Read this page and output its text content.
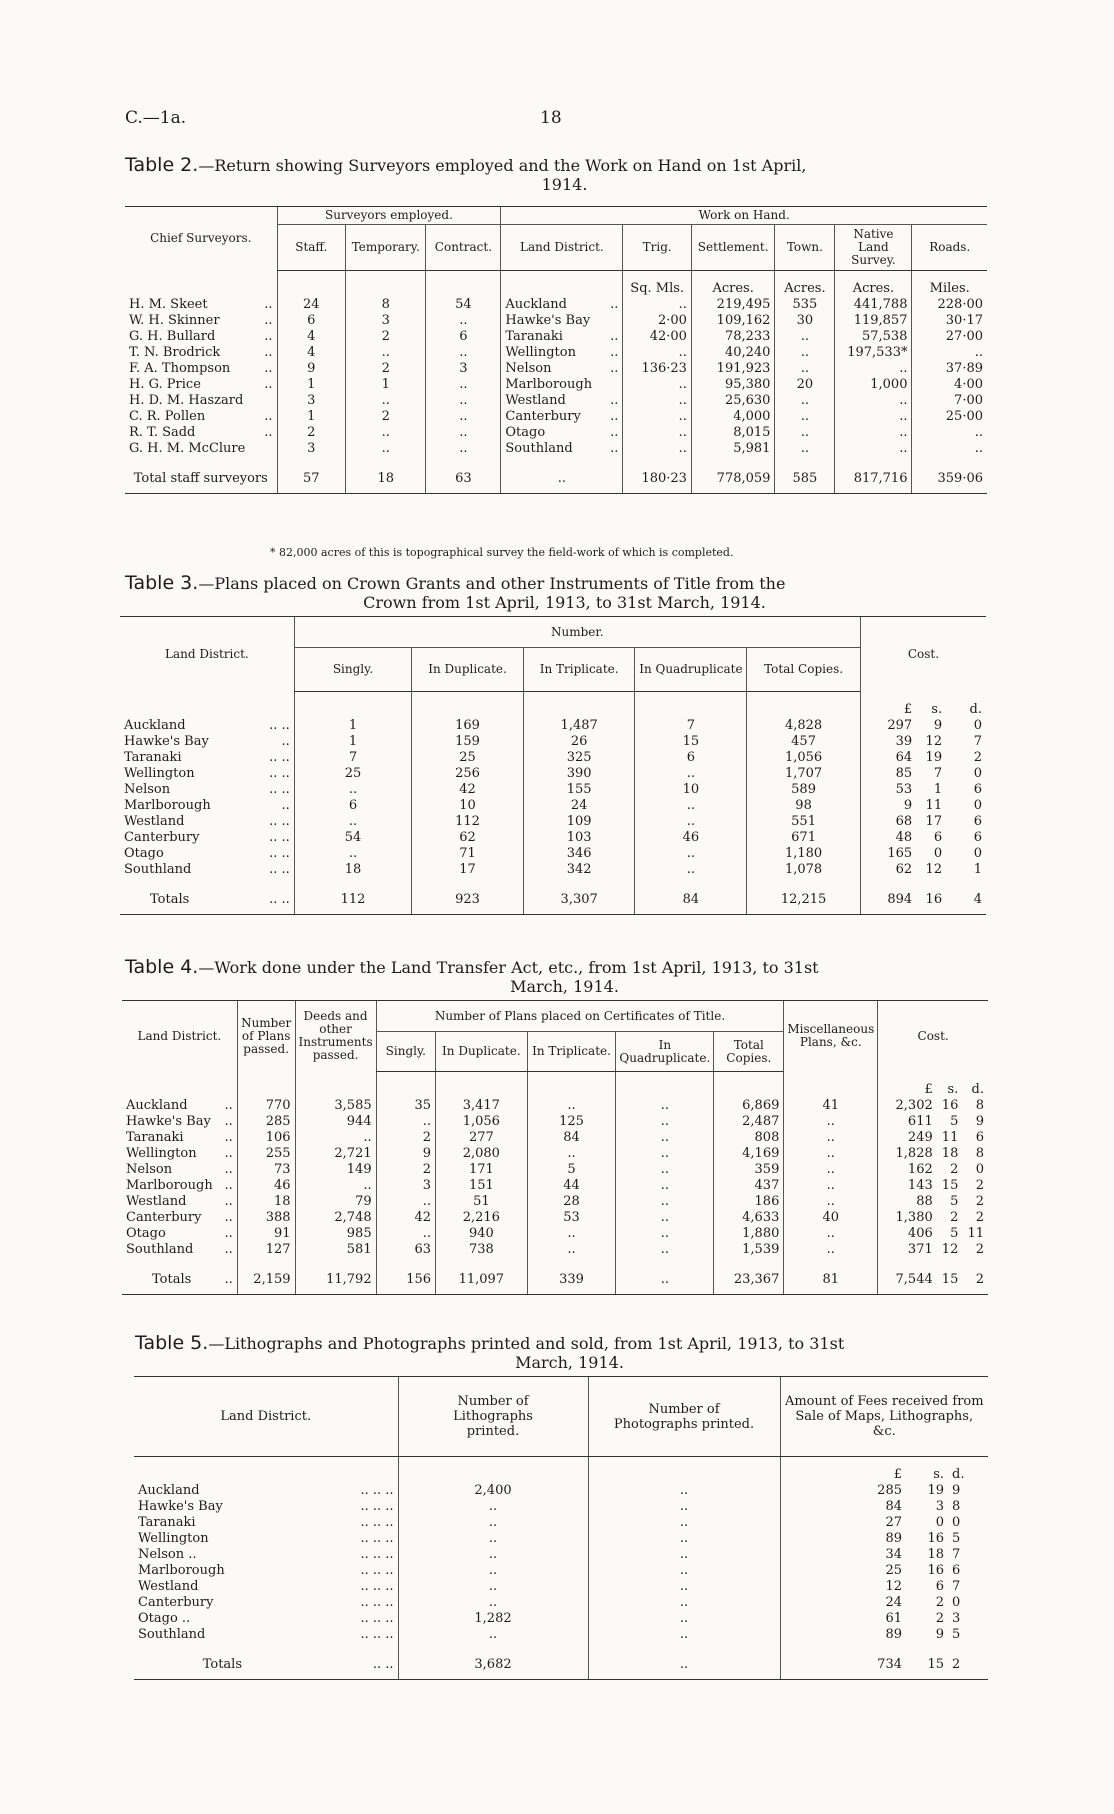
C.—1a.	18
Table 2.—Return showing Surveyors employed and the Work on Hand on 1st April,
1914.
Chief Surveyors.	Surveyors employed.			Work on Hand.					
	Staff.	Temporary.	Contract.	Land District.	Trig.	Settlement.	Town.	Native Land Survey.	Roads.

					Sq. Mls.	Acres.	Acres.	Acres.	Miles.
H. M. Skeet ..	24	8	54	Auckland ..	..	219,495	535	441,788	228·00
W. H. Skinner ..	6	3	..	Hawke's Bay	2·00	109,162	30	119,857	30·17
G. H. Bullard ..	4	2	6	Taranaki ..	42·00	78,233	..	57,538	27·00
T. N. Brodrick ..	4	..	..	Wellington ..	..	40,240	..	197,533*	..
F. A. Thompson ..	9	2	3	Nelson ..	136·23	191,923	..	..	37·89
H. G. Price ..	1	1	..	Marlborough	..	95,380	20	1,000	4·00
H. D. M. Haszard	3	..	..	Westland ..	..	25,630	..	..	7·00
C. R. Pollen ..	1	2	..	Canterbury ..	..	4,000	..	..	25·00
R. T. Sadd ..	2	..	..	Otago ..	..	8,015	..	..	..
G. H. M. McClure	3	..	..	Southland ..	..	5,981	..	..	..

Total staff surveyors	57	18	63	..	180·23	778,059	585	817,716	359·06
* 82,000 acres of this is topographical survey the field-work of which is completed.
Table 3.—Plans placed on Crown Grants and other Instruments of Title from the
Crown from 1st April, 1913, to 31st March, 1914.
Land District.		Number.					Cost.		
		Singly.	In Duplicate.	In Triplicate.	In Quadruplicate	Total Copies.			

							£	s.	d.
Auckland	.. ..	1	169	1,487	7	4,828	297	9	0
Hawke's Bay	..	1	159	26	15	457	39	12	7
Taranaki	.. ..	7	25	325	6	1,056	64	19	2
Wellington	.. ..	25	256	390	..	1,707	85	7	0
Nelson	.. ..	..	42	155	10	589	53	1	6
Marlborough	..	6	10	24	..	98	9	11	0
Westland	.. ..	..	112	109	..	551	68	17	6
Canterbury	.. ..	54	62	103	46	671	48	6	6
Otago	.. ..	..	71	346	..	1,180	165	0	0
Southland	.. ..	18	17	342	..	1,078	62	12	1

Totals	.. ..	112	923	3,307	84	12,215	894	16	4
Table 4.—Work done under the Land Transfer Act, etc., from 1st April, 1913, to 31st
March, 1914.
Land District.		Number of Plans passed.	Deeds and other Instruments passed.	Number of Plans placed on Certificates of Title.					Miscellaneous Plans, &c.	Cost.		
				Singly.	In Duplicate.	In Triplicate.	In Quadruplicate.	Total Copies.				

										£	s.	d.
Auckland	..	770	3,585	35	3,417	..	..	6,869	41	2,302	16	8
Hawke's Bay	..	285	944	..	1,056	125	..	2,487	..	611	5	9
Taranaki	..	106	..	2	277	84	..	808	..	249	11	6
Wellington	..	255	2,721	9	2,080	..	..	4,169	..	1,828	18	8
Nelson	..	73	149	2	171	5	..	359	..	162	2	0
Marlborough	..	46	..	3	151	44	..	437	..	143	15	2
Westland	..	18	79	..	51	28	..	186	..	88	5	2
Canterbury	..	388	2,748	42	2,216	53	..	4,633	40	1,380	2	2
Otago	..	91	985	..	940	..	..	1,880	..	406	5	11
Southland	..	127	581	63	738	..	..	1,539	..	371	12	2

Totals	..	2,159	11,792	156	11,097	339	..	23,367	81	7,544	15	2
Table 5.—Lithographs and Photographs printed and sold, from 1st April, 1913, to 31st
March, 1914.
Land District.		Number of Lithographs printed.	Number of Photographs printed.	Amount of Fees received from Sale of Maps, Lithographs, &c.		

				£	s.	d.
Auckland	.. .. ..	2,400	..	285	19	9
Hawke's Bay	.. .. ..	..	..	84	3	8
Taranaki	.. .. ..	..	..	27	0	0
Wellington	.. .. ..	..	..	89	16	5
Nelson ..	.. .. ..	..	..	34	18	7
Marlborough	.. .. ..	..	..	25	16	6
Westland	.. .. ..	..	..	12	6	7
Canterbury	.. .. ..	..	..	24	2	0
Otago ..	.. .. ..	1,282	..	61	2	3
Southland	.. .. ..	..	..	89	9	5

Totals	.. ..	3,682	..	734	15	2
